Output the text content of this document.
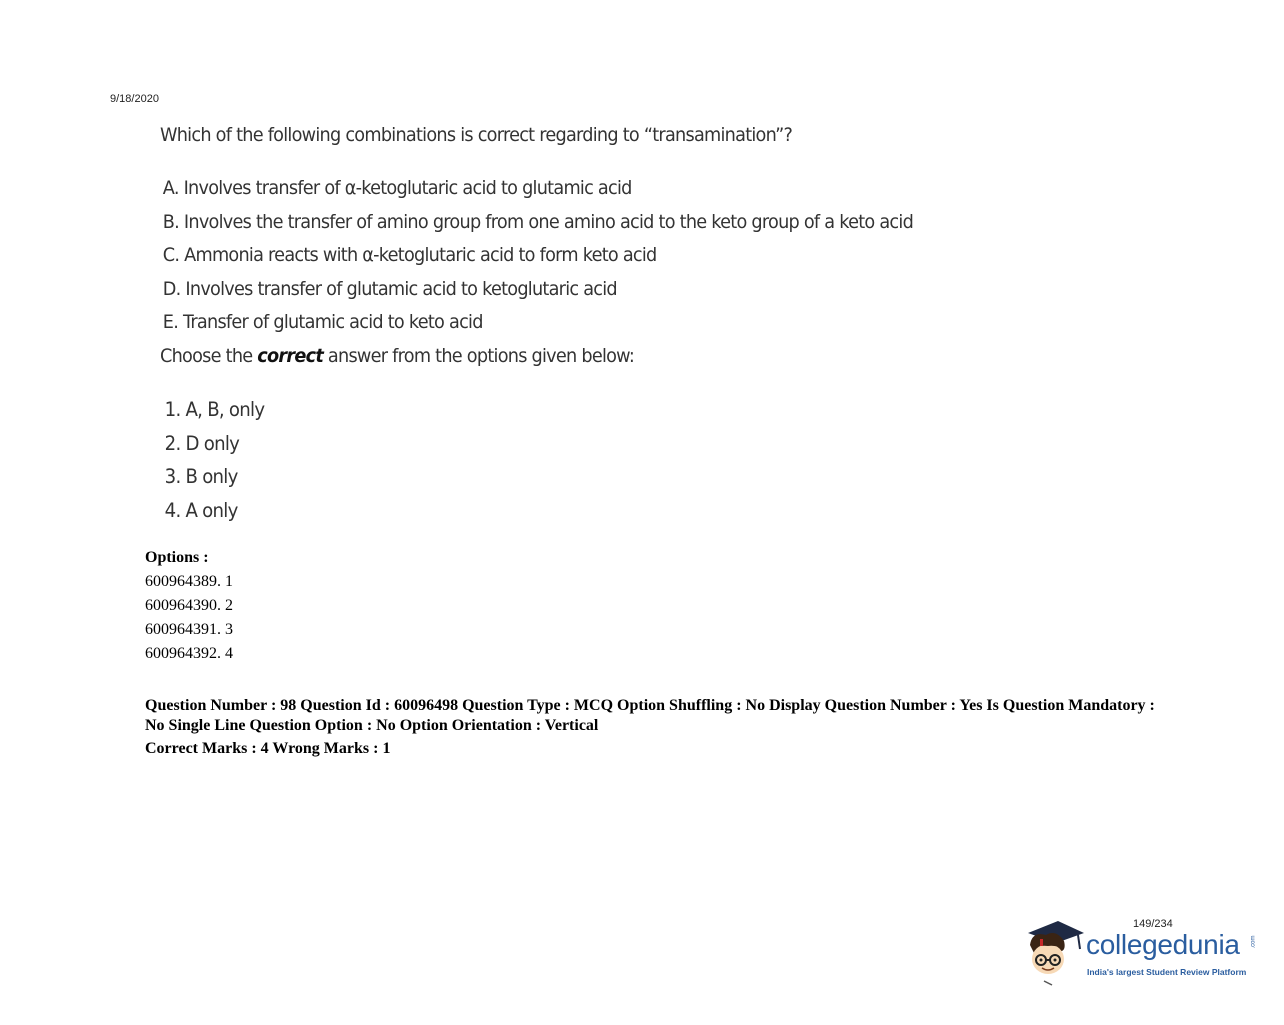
9/18/2020
Which of the following combinations is correct regarding to “transamination”?
A. Involves transfer of α-ketoglutaric acid to glutamic acid
B. Involves the transfer of amino group from one amino acid to the keto group of a keto acid
C. Ammonia reacts with α-ketoglutaric acid to form keto acid
D. Involves transfer of glutamic acid to ketoglutaric acid
E. Transfer of glutamic acid to keto acid
Choose the correct answer from the options given below:
1. A, B, only
2. D only
3. B only
4. A only
Options :
600964389. 1
600964390. 2
600964391. 3
600964392. 4
Question Number : 98 Question Id : 60096498 Question Type : MCQ Option Shuffling : No Display Question Number : Yes Is Question Mandatory : No Single Line Question Option : No Option Orientation : Vertical
Correct Marks : 4 Wrong Marks : 1
149/234
collegedunia .com
India's largest Student Review Platform
